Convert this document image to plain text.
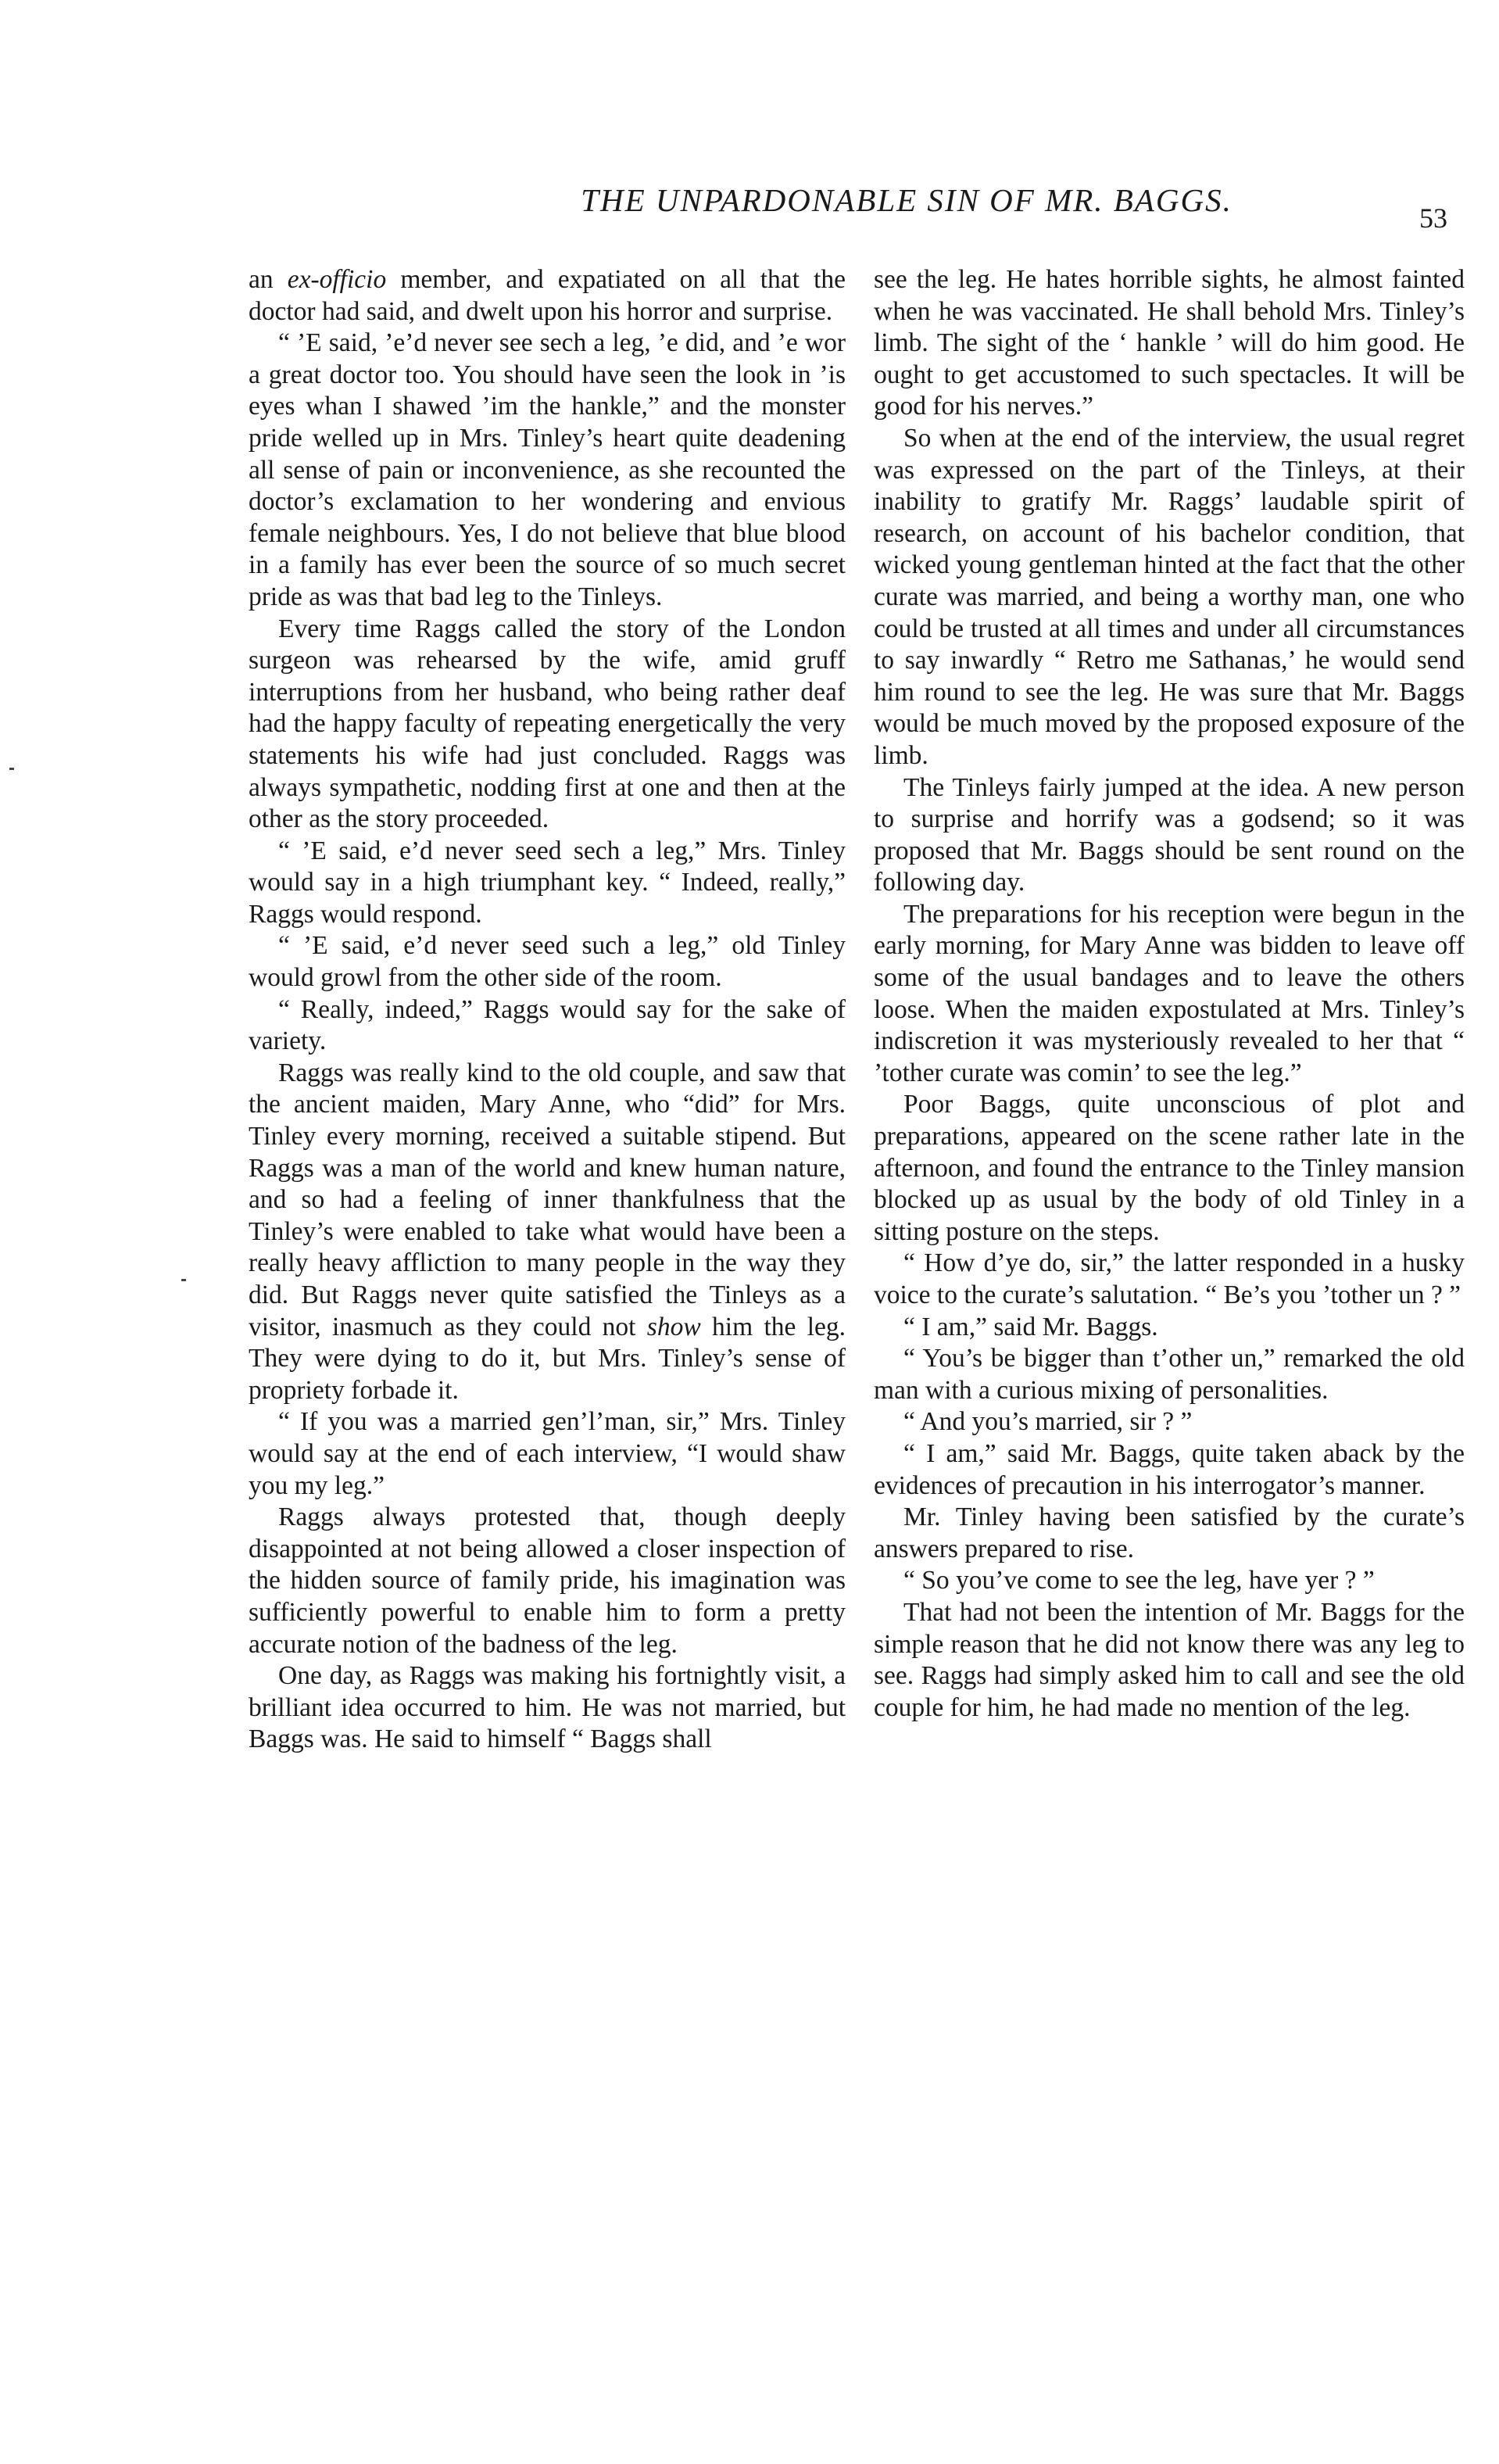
THE UNPARDONABLE SIN OF MR. BAGGS.	53

an ex-officio member, and expatiated on all that the doctor had said, and dwelt upon his horror and surprise.

“ ’E said, ’e’d never see sech a leg, ’e did, and ’e wor a great doctor too. You should have seen the look in ’is eyes whan I shawed ’im the hankle,” and the monster pride welled up in Mrs. Tinley’s heart quite deadening all sense of pain or inconvenience, as she recounted the doctor’s exclamation to her wondering and envious female neighbours. Yes, I do not believe that blue blood in a family has ever been the source of so much secret pride as was that bad leg to the Tinleys.

Every time Raggs called the story of the London surgeon was rehearsed by the wife, amid gruff interruptions from her husband, who being rather deaf had the happy faculty of repeating energetically the very statements his wife had just concluded. Raggs was always sympathetic, nodding first at one and then at the other as the story proceeded.

“ ’E said, e’d never seed sech a leg,” Mrs. Tinley would say in a high triumphant key. “ Indeed, really,” Raggs would respond.

“ ’E said, e’d never seed such a leg,” old Tinley would growl from the other side of the room.

“ Really, indeed,” Raggs would say for the sake of variety.

Raggs was really kind to the old couple, and saw that the ancient maiden, Mary Anne, who “did” for Mrs. Tinley every morning, received a suitable stipend. But Raggs was a man of the world and knew human nature, and so had a feeling of inner thankfulness that the Tinley’s were enabled to take what would have been a really heavy affliction to many people in the way they did. But Raggs never quite satisfied the Tinleys as a visitor, inasmuch as they could not show him the leg. They were dying to do it, but Mrs. Tinley’s sense of propriety forbade it.

“ If you was a married gen’l’man, sir,” Mrs. Tinley would say at the end of each interview, “I would shaw you my leg.”

Raggs always protested that, though deeply disappointed at not being allowed a closer inspection of the hidden source of family pride, his imagination was sufficiently powerful to enable him to form a pretty accurate notion of the badness of the leg.

One day, as Raggs was making his fortnightly visit, a brilliant idea occurred to him. He was not married, but Baggs was. He said to himself “ Baggs shall

see the leg. He hates horrible sights, he almost fainted when he was vaccinated. He shall behold Mrs. Tinley’s limb. The sight of the ‘ hankle ’ will do him good. He ought to get accustomed to such spectacles. It will be good for his nerves.”

So when at the end of the interview, the usual regret was expressed on the part of the Tinleys, at their inability to gratify Mr. Raggs’ laudable spirit of research, on account of his bachelor condition, that wicked young gentleman hinted at the fact that the other curate was married, and being a worthy man, one who could be trusted at all times and under all circumstances to say inwardly “ Retro me Sathanas,’ he would send him round to see the leg. He was sure that Mr. Baggs would be much moved by the proposed exposure of the limb.

The Tinleys fairly jumped at the idea. A new person to surprise and horrify was a godsend; so it was proposed that Mr. Baggs should be sent round on the following day.

The preparations for his reception were begun in the early morning, for Mary Anne was bidden to leave off some of the usual bandages and to leave the others loose. When the maiden expostulated at Mrs. Tinley’s indiscretion it was mysteriously revealed to her that “ ’tother curate was comin’ to see the leg.”

Poor Baggs, quite unconscious of plot and preparations, appeared on the scene rather late in the afternoon, and found the entrance to the Tinley mansion blocked up as usual by the body of old Tinley in a sitting posture on the steps.

“ How d’ye do, sir,” the latter responded in a husky voice to the curate’s salutation. “ Be’s you ’tother un ? ”

“ I am,” said Mr. Baggs.

“ You’s be bigger than t’other un,” remarked the old man with a curious mixing of personalities.

“ And you’s married, sir ? ”

“ I am,” said Mr. Baggs, quite taken aback by the evidences of precaution in his interrogator’s manner.

Mr. Tinley having been satisfied by the curate’s answers prepared to rise.

“ So you’ve come to see the leg, have yer ? ”

That had not been the intention of Mr. Baggs for the simple reason that he did not know there was any leg to see. Raggs had simply asked him to call and see the old couple for him, he had made no mention of the leg.
